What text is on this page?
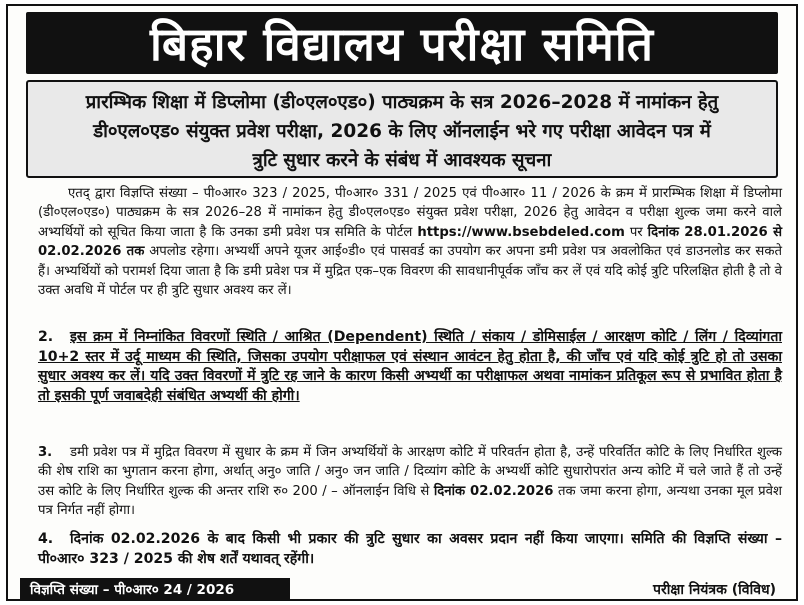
बिहार विद्यालय परीक्षा समिति
प्रारम्भिक शिक्षा में डिप्लोमा (डी०एल०एड०) पाठ्यक्रम के सत्र 2026–2028 में नामांकन हेतु
डी०एल०एड० संयुक्त प्रवेश परीक्षा, 2026 के लिए ऑनलाईन भरे गए परीक्षा आवेदन पत्र में
त्रुटि सुधार करने के संबंध में आवश्यक सूचना
एतद् द्वारा विज्ञप्ति संख्या – पी०आर० 323 / 2025, पी०आर० 331 / 2025 एवं पी०आर० 11 / 2026 के क्रम में प्रारम्भिक शिक्षा में डिप्लोमा (डी०एल०एड०) पाठ्यक्रम के सत्र 2026–28 में नामांकन हेतु डी०एल०एड० संयुक्त प्रवेश परीक्षा, 2026 हेतु आवेदन व परीक्षा शुल्क जमा करने वाले अभ्यर्थियों को सूचित किया जाता है कि उनका डमी प्रवेश पत्र समिति के पोर्टल https://www.bsebdeled.com पर दिनांक 28.01.2026 से 02.02.2026 तक अपलोड रहेगा। अभ्यर्थी अपने यूजर आई०डी० एवं पासवर्ड का उपयोग कर अपना डमी प्रवेश पत्र अवलोकित एवं डाउनलोड कर सकते हैं। अभ्यर्थियों को परामर्श दिया जाता है कि डमी प्रवेश पत्र में मुद्रित एक–एक विवरण की सावधानीपूर्वक जाँच कर लें एवं यदि कोई त्रुटि परिलक्षित होती है तो वे उक्त अवधि में पोर्टल पर ही त्रुटि सुधार अवश्य कर लें।
2. इस क्रम में निम्नांकित विवरणों स्थिति / आश्रित (Dependent) स्थिति / संकाय / डोमिसाईल / आरक्षण कोटि / लिंग / दिव्यांगता 10+2 स्तर में उर्दू माध्यम की स्थिति, जिसका उपयोग परीक्षाफल एवं संस्थान आवंटन हेतु होता है, की जाँच एवं यदि कोई त्रुटि हो तो उसका सुधार अवश्य कर लें। यदि उक्त विवरणों में त्रुटि रह जाने के कारण किसी अभ्यर्थी का परीक्षाफल अथवा नामांकन प्रतिकूल रूप से प्रभावित होता है तो इसकी पूर्ण जवाबदेही संबंधित अभ्यर्थी की होगी।
3. डमी प्रवेश पत्र में मुद्रित विवरण में सुधार के क्रम में जिन अभ्यर्थियों के आरक्षण कोटि में परिवर्तन होता है, उन्हें परिवर्तित कोटि के लिए निर्धारित शुल्क की शेष राशि का भुगतान करना होगा, अर्थात् अनु० जाति / अनु० जन जाति / दिव्यांग कोटि के अभ्यर्थी कोटि सुधारोपरांत अन्य कोटि में चले जाते हैं तो उन्हें उस कोटि के लिए निर्धारित शुल्क की अन्तर राशि रु० 200 / – ऑनलाईन विधि से दिनांक 02.02.2026 तक जमा करना होगा, अन्यथा उनका मूल प्रवेश पत्र निर्गत नहीं होगा।
4. दिनांक 02.02.2026 के बाद किसी भी प्रकार की त्रुटि सुधार का अवसर प्रदान नहीं किया जाएगा। समिति की विज्ञप्ति संख्या – पी०आर० 323 / 2025 की शेष शर्तें यथावत् रहेंगी।
विज्ञप्ति संख्या – पी०आर० 24 / 2026	परीक्षा नियंत्रक (विविध)
